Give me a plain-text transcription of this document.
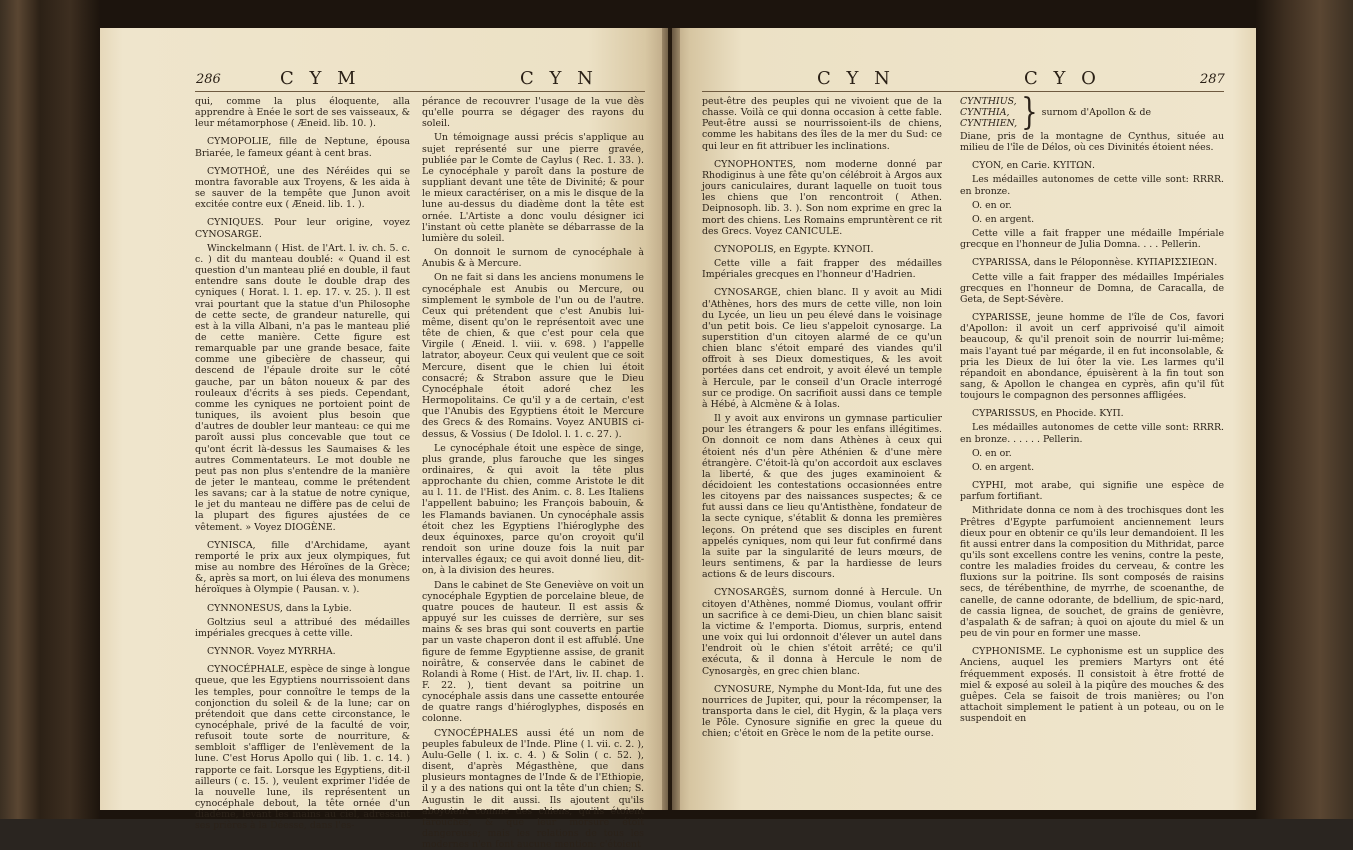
286	C Y M	C Y N

qui, comme la plus éloquente, alla apprendre à Enée le sort de ses vaisseaux, & leur métamorphose ( Æneid. lib. 10. ).

CYMOPOLIE, fille de Neptune, épousa Briarée, le fameux géant à cent bras.

CYMOTHOÉ, une des Néréides qui se montra favorable aux Troyens, & les aida à se sauver de la tempête que Junon avoit excitée contre eux ( Æneid. lib. 1. ).

CYNIQUES. Pour leur origine, voyez CYNOSARGE.

Winckelmann ( Hist. de l'Art. l. iv. ch. 5. c. c. ) dit du manteau doublé: « Quand il est question d'un manteau plié en double, il faut entendre sans doute le double drap des cyniques ( Horat. l. 1. ep. 17. v. 25. ). Il est vrai pourtant que la statue d'un Philosophe de cette secte, de grandeur naturelle, qui est à la villa Albani, n'a pas le manteau plié de cette manière. Cette figure est remarquable par une grande besace, faite comme une gibecière de chasseur, qui descend de l'épaule droite sur le côté gauche, par un bâton noueux & par des rouleaux d'écrits à ses pieds. Cependant, comme les cyniques ne portoient point de tuniques, ils avoient plus besoin que d'autres de doubler leur manteau: ce qui me paroît aussi plus concevable que tout ce qu'ont écrit là-dessus les Saumaises & les autres Commentateurs. Le mot double ne peut pas non plus s'entendre de la manière de jeter le manteau, comme le prétendent les savans; car à la statue de notre cynique, le jet du manteau ne diffère pas de celui de la plupart des figures ajustées de ce vêtement. » Voyez DIOGÈNE.

CYNISCA, fille d'Archidame, ayant remporté le prix aux jeux olympiques, fut mise au nombre des Héroïnes de la Grèce; &, après sa mort, on lui éleva des monumens héroïques à Olympie ( Pausan. v. ).

CYNNONESUS, dans la Lybie.

Goltzius seul a attribué des médailles impériales grecques à cette ville.

CYNNOR. Voyez MYRRHA.

CYNOCÉPHALE, espèce de singe à longue queue, que les Egyptiens nourrissoient dans les temples, pour connoître le temps de la conjonction du soleil & de la lune; car on prétendoit que dans cette circonstance, le cynocéphale, privé de la faculté de voir, refusoit toute sorte de nourriture, & sembloit s'affliger de l'enlèvement de la lune. C'est Horus Apollo qui ( lib. 1. c. 14. ) rapporte ce fait. Lorsque les Egyptiens, dit-il ailleurs ( c. 15. ), veulent exprimer l'idée de la nouvelle lune, ils représentent un cynocéphale debout, la tête ornée d'un diadème, levant les mains au ciel, adressant ses prières à la Déesse, dans l'es-

pérance de recouvrer l'usage de la vue dès qu'elle pourra se dégager des rayons du soleil.

Un témoignage aussi précis s'applique au sujet représenté sur une pierre gravée, publiée par le Comte de Caylus ( Rec. 1. 33. ). Le cynocéphale y paroît dans la posture de suppliant devant une tête de Divinité; & pour le mieux caractériser, on a mis le disque de la lune au-dessus du diadème dont la tête est ornée. L'Artiste a donc voulu désigner ici l'instant où cette planète se débarrasse de la lumière du soleil.

On donnoit le surnom de cynocéphale à Anubis & à Mercure.

On ne fait si dans les anciens monumens le cynocéphale est Anubis ou Mercure, ou simplement le symbole de l'un ou de l'autre. Ceux qui prétendent que c'est Anubis lui-même, disent qu'on le représentoit avec une tête de chien, & que c'est pour cela que Virgile ( Æneid. l. viii. v. 698. ) l'appelle latrator, aboyeur. Ceux qui veulent que ce soit Mercure, disent que le chien lui étoit consacré; & Strabon assure que le Dieu Cynocéphale étoit adoré chez les Hermopolitains. Ce qu'il y a de certain, c'est que l'Anubis des Egyptiens étoit le Mercure des Grecs & des Romains. Voyez ANUBIS ci-dessus, & Vossius ( De Idolol. l. 1. c. 27. ).

Le cynocéphale étoit une espèce de singe, plus grande, plus farouche que les singes ordinaires, & qui avoit la tête plus approchante du chien, comme Aristote le dit au l. 11. de l'Hist. des Anim. c. 8. Les Italiens l'appellent babuino; les François babouin, & les Flamands bavianen. Un cynocéphale assis étoit chez les Egyptiens l'hiéroglyphe des deux équinoxes, parce qu'on croyoit qu'il rendoit son urine douze fois la nuit par intervalles égaux; ce qui avoit donné lieu, dit-on, à la division des heures.

Dans le cabinet de Ste Geneviève on voit un cynocéphale Egyptien de porcelaine bleue, de quatre pouces de hauteur. Il est assis & appuyé sur les cuisses de derrière, sur ses mains & ses bras qui sont couverts en partie par un vaste chaperon dont il est affublé. Une figure de femme Egyptienne assise, de granit noirâtre, & conservée dans le cabinet de Rolandi à Rome ( Hist. de l'Art, liv. II. chap. 1. F. 22. ), tient devant sa poitrine un cynocéphale assis dans une cassette entourée de quatre rangs d'hiéroglyphes, disposés en colonne.

CYNOCÉPHALES aussi été un nom de peuples fabuleux de l'Inde. Pline ( l. vii. c. 2. ), Aulu-Gelle ( l. ix. c. 4. ) & Solin ( c. 52. ), disent, d'après Mégasthène, que dans plusieurs montagnes de l'Inde & de l'Ethiopie, il y a des nations qui ont la tête d'un chien; S. Augustin le dit aussi. Ils ajoutent qu'ils aboyoient comme des chiens, qu'ils étoient farouches, & que leur morsure étoit dangereuse; mais les relations de tous les modernes n'en font aucune mention: c'étoient

C Y N	C Y O	287

peut-être des peuples qui ne vivoient que de la chasse. Voilà ce qui donna occasion à cette fable. Peut-être aussi se nourrissoient-ils de chiens, comme les habitans des îles de la mer du Sud: ce qui leur en fit attribuer les inclinations.

CYNOPHONTES, nom moderne donné par Rhodiginus à une fête qu'on célébroit à Argos aux jours caniculaires, durant laquelle on tuoit tous les chiens que l'on rencontroit ( Athen. Deipnosoph. lib. 3. ). Son nom exprime en grec la mort des chiens. Les Romains empruntèrent ce rit des Grecs. Voyez CANICULE.

CYNOPOLIS, en Egypte. ΚΥΝΟΠ.

Cette ville a fait frapper des médailles Impériales grecques en l'honneur d'Hadrien.

CYNOSARGE, chien blanc. Il y avoit au Midi d'Athènes, hors des murs de cette ville, non loin du Lycée, un lieu un peu élevé dans le voisinage d'un petit bois. Ce lieu s'appeloit cynosarge. La superstition d'un citoyen alarmé de ce qu'un chien blanc s'étoit emparé des viandes qu'il offroit à ses Dieux domestiques, & les avoit portées dans cet endroit, y avoit élevé un temple à Hercule, par le conseil d'un Oracle interrogé sur ce prodige. On sacrifioit aussi dans ce temple à Hébé, à Alcmène & à Iolas.

Il y avoit aux environs un gymnase particulier pour les étrangers & pour les enfans illégitimes. On donnoit ce nom dans Athènes à ceux qui étoient nés d'un père Athénien & d'une mère étrangère. C'étoit-là qu'on accordoit aux esclaves la liberté, & que des juges examinoient & décidoient les contestations occasionnées entre les citoyens par des naissances suspectes; & ce fut aussi dans ce lieu qu'Antisthène, fondateur de la secte cynique, s'établit & donna les premières leçons. On prétend que ses disciples en furent appelés cyniques, nom qui leur fut confirmé dans la suite par la singularité de leurs mœurs, de leurs sentimens, & par la hardiesse de leurs actions & de leurs discours.

CYNOSARGÈS, surnom donné à Hercule. Un citoyen d'Athènes, nommé Diomus, voulant offrir un sacrifice à ce demi-Dieu, un chien blanc saisit la victime & l'emporta. Diomus, surpris, entend une voix qui lui ordonnoit d'élever un autel dans l'endroit où le chien s'étoit arrêté; ce qu'il exécuta, & il donna à Hercule le nom de Cynosargès, en grec chien blanc.

CYNOSURE, Nymphe du Mont-Ida, fut une des nourrices de Jupiter, qui, pour la récompenser, la transporta dans le ciel, dit Hygin, & la plaça vers le Pôle. Cynosure signifie en grec la queue du chien; c'étoit en Grèce le nom de la petite ourse.

CYNTHIUS,
CYNTHIA,
CYNTHIEN, } surnom d'Apollon & de

Diane, pris de la montagne de Cynthus, située au milieu de l'île de Délos, où ces Divinités étoient nées.

CYON, en Carie. ΚΥΙΤΩΝ.

Les médailles autonomes de cette ville sont: RRRR. en bronze.

O. en or.

O. en argent.

Cette ville a fait frapper une médaille Impériale grecque en l'honneur de Julia Domna. . . . Pellerin.

CYPARISSA, dans le Péloponnèse. ΚΥΠΑΡΙΣΣΙΕΩΝ.

Cette ville a fait frapper des médailles Impériales grecques en l'honneur de Domna, de Caracalla, de Geta, de Sept-Sévère.

CYPARISSE, jeune homme de l'île de Cos, favori d'Apollon: il avoit un cerf apprivoisé qu'il aimoit beaucoup, & qu'il prenoit soin de nourrir lui-même; mais l'ayant tué par mégarde, il en fut inconsolable, & pria les Dieux de lui ôter la vie. Les larmes qu'il répandoit en abondance, épuisèrent à la fin tout son sang, & Apollon le changea en cyprès, afin qu'il fût toujours le compagnon des personnes affligées.

CYPARISSUS, en Phocide. ΚΥΠ.

Les médailles autonomes de cette ville sont: RRRR. en bronze. . . . . . Pellerin.

O. en or.

O. en argent.

CYPHI, mot arabe, qui signifie une espèce de parfum fortifiant.

Mithridate donna ce nom à des trochisques dont les Prêtres d'Egypte parfumoient anciennement leurs dieux pour en obtenir ce qu'ils leur demandoient. Il les fit aussi entrer dans la composition du Mithridat, parce qu'ils sont excellens contre les venins, contre la peste, contre les maladies froides du cerveau, & contre les fluxions sur la poitrine. Ils sont composés de raisins secs, de térébenthine, de myrrhe, de scoenanthe, de canelle, de canne odorante, de bdellium, de spic-nard, de cassia lignea, de souchet, de grains de genièvre, d'aspalath & de safran; à quoi on ajoute du miel & un peu de vin pour en former une masse.

CYPHONISME. Le cyphonisme est un supplice des Anciens, auquel les premiers Martyrs ont été fréquemment exposés. Il consistoit à être frotté de miel & exposé au soleil à la piqûre des mouches & des guêpes. Cela se faisoit de trois manières; ou l'on attachoit simplement le patient à un poteau, ou on le suspendoit en
